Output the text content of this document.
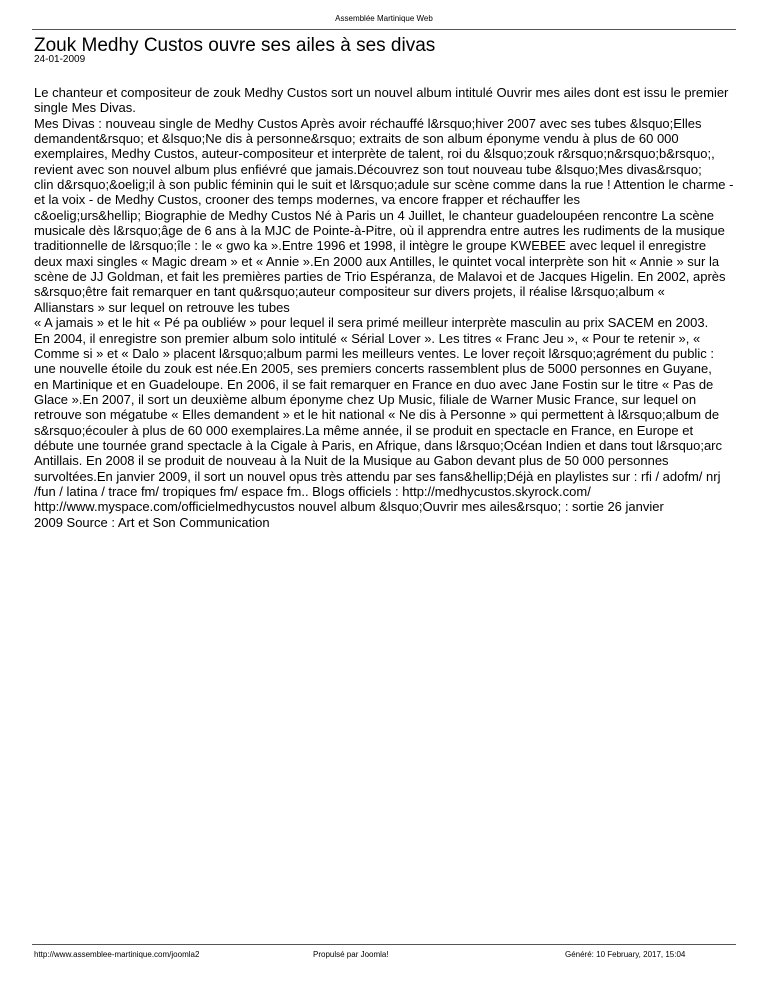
Assemblée Martinique Web
Zouk Medhy Custos ouvre ses ailes à ses divas
24-01-2009

Le chanteur et compositeur de zouk Medhy Custos sort un nouvel album intitulé Ouvrir mes ailes dont est issu le premier

single Mes Divas.

Mes Divas : nouveau single de Medhy Custos Après avoir réchauffé l&rsquo;hiver 2007 avec ses tubes &lsquo;Elles

demandent&rsquo; et &lsquo;Ne dis à personne&rsquo; extraits de son album éponyme vendu à plus de 60 000

exemplaires, Medhy Custos, auteur-compositeur et interprète de talent, roi du &lsquo;zouk r&rsquo;n&rsquo;b&rsquo;,

revient avec son nouvel album plus enfiévré que jamais.Découvrez son tout nouveau tube &lsquo;Mes divas&rsquo;

clin d&rsquo;&oelig;il à son public féminin qui le suit et l&rsquo;adule sur scène comme dans la rue ! Attention le charme -

et la voix - de Medhy Custos, crooner des temps modernes, va encore frapper et réchauffer les

c&oelig;urs&hellip; Biographie de Medhy Custos Né à Paris un 4 Juillet, le chanteur guadeloupéen rencontre La scène

musicale dès l&rsquo;âge de 6 ans à la MJC de Pointe-à-Pitre, où il apprendra entre autres les rudiments de la musique

traditionnelle de l&rsquo;île : le « gwo ka ».Entre 1996 et 1998, il intègre le groupe KWEBEE avec lequel il enregistre

deux maxi singles « Magic dream » et « Annie ».En 2000 aux Antilles, le quintet vocal interprète son hit « Annie » sur la

scène de JJ Goldman, et fait les premières parties de Trio Espéranza, de Malavoi et de Jacques Higelin. En 2002, après

s&rsquo;être fait remarquer en tant qu&rsquo;auteur compositeur sur divers projets, il réalise l&rsquo;album «

Allianstars » sur lequel on retrouve les tubes

« A jamais » et le hit « Pé pa oubliéw » pour lequel il sera primé meilleur interprète masculin au prix SACEM en 2003.

En 2004, il enregistre son premier album solo intitulé « Sérial Lover ». Les titres « Franc Jeu », « Pour te retenir », «

Comme si » et « Dalo » placent l&rsquo;album parmi les meilleurs ventes. Le lover reçoit l&rsquo;agrément du public :

une nouvelle étoile du zouk est née.En 2005, ses premiers concerts rassemblent plus de 5000 personnes en Guyane,

en Martinique et en Guadeloupe. En 2006, il se fait remarquer en France en duo avec Jane Fostin sur le titre « Pas de

Glace ».En 2007, il sort un deuxième album éponyme chez Up Music, filiale de Warner Music France, sur lequel on

retrouve son mégatube « Elles demandent » et le hit national « Ne dis à Personne » qui permettent à l&rsquo;album de

s&rsquo;écouler à plus de 60 000 exemplaires.La même année, il se produit en spectacle en France, en Europe et

débute une tournée grand spectacle à la Cigale à Paris, en Afrique, dans l&rsquo;Océan Indien et dans tout l&rsquo;arc

Antillais. En 2008 il se produit de nouveau à la Nuit de la Musique au Gabon devant plus de 50 000 personnes

survoltées.En janvier 2009, il sort un nouvel opus très attendu par ses fans&hellip;Déjà en playlistes sur : rfi / adofm/ nrj

/fun / latina / trace fm/ tropiques fm/ espace fm.. Blogs officiels : http://medhycustos.skyrock.com/

http://www.myspace.com/officielmedhycustos nouvel album &lsquo;Ouvrir mes ailes&rsquo; : sortie 26 janvier

2009 Source : Art et Son Communication

http://www.assemblee-martinique.com/joomla2	Propulsé par Joomla!	Généré: 10 February, 2017, 15:04
